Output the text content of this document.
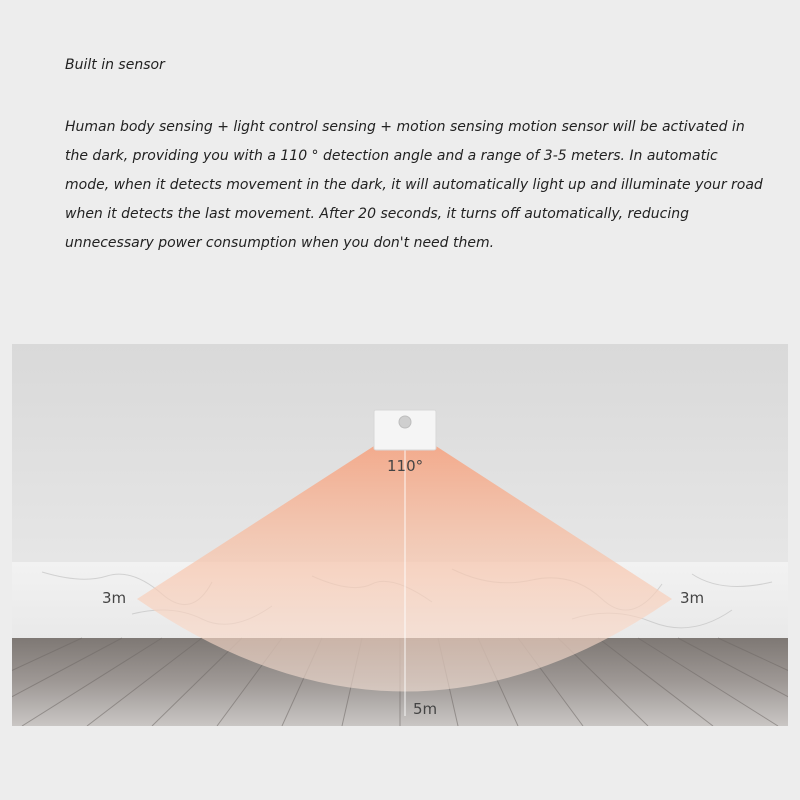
Built in sensor

Human body sensing + light control sensing + motion sensing motion sensor will be activated in the dark, providing you with a 110 ° detection angle and a range of 3-5 meters. In automatic mode, when it detects movement in the dark, it will automatically light up and illuminate your road when it detects the last movement. After 20 seconds, it turns off automatically, reducing unnecessary power consumption when you don't need them.

110°
3m	3m
5m
